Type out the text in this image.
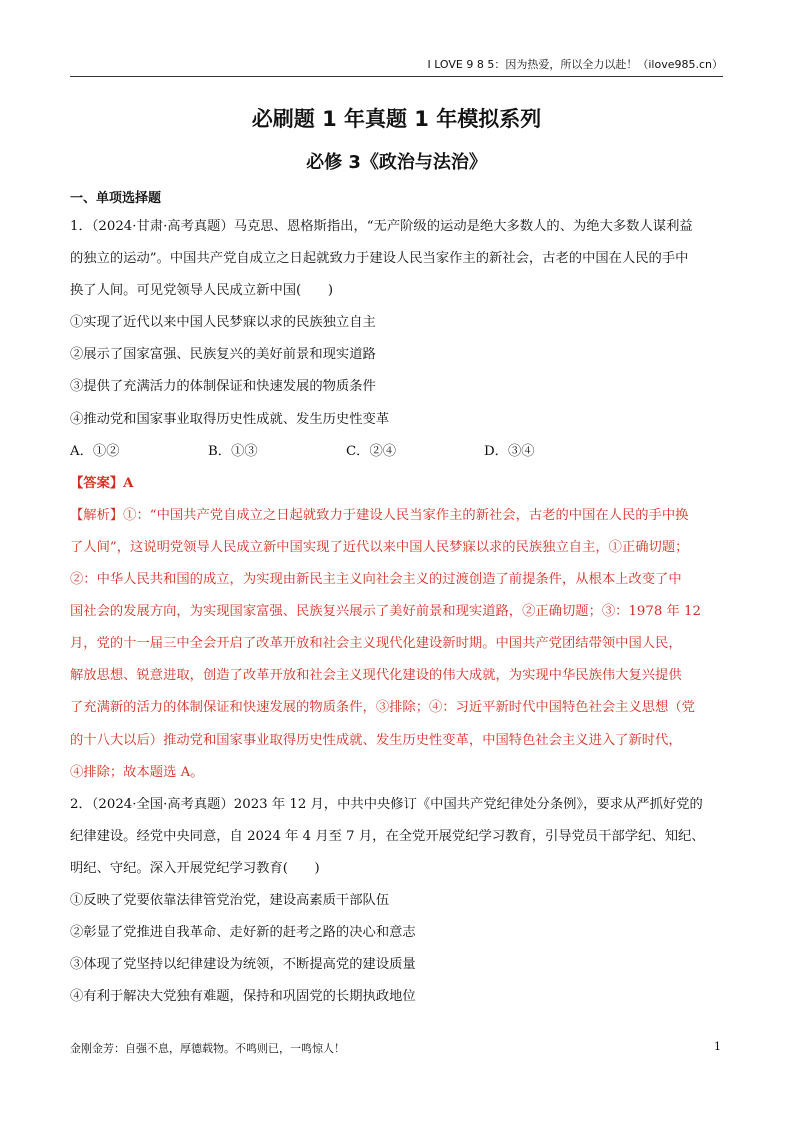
I LOVE 9 8 5：因为热爱，所以全力以赴！（ilove985.cn）
必刷题 1 年真题 1 年模拟系列
必修 3《政治与法治》
一、单项选择题
1．（2024·甘肃·高考真题）马克思、恩格斯指出，“无产阶级的运动是绝大多数人的、为绝大多数人谋利益
的独立的运动”。中国共产党自成立之日起就致力于建设人民当家作主的新社会，古老的中国在人民的手中
换了人间。可见党领导人民成立新中国(　　)
①实现了近代以来中国人民梦寐以求的民族独立自主
②展示了国家富强、民族复兴的美好前景和现实道路
③提供了充满活力的体制保证和快速发展的物质条件
④推动党和国家事业取得历史性成就、发生历史性变革
A．①②	B．①③	C．②④	D．③④
【答案】A
【解析】①：“中国共产党自成立之日起就致力于建设人民当家作主的新社会，古老的中国在人民的手中换
了人间”，这说明党领导人民成立新中国实现了近代以来中国人民梦寐以求的民族独立自主，①正确切题；
②：中华人民共和国的成立，为实现由新民主主义向社会主义的过渡创造了前提条件，从根本上改变了中
国社会的发展方向，为实现国家富强、民族复兴展示了美好前景和现实道路，②正确切题；③：1978 年 12
月，党的十一届三中全会开启了改革开放和社会主义现代化建设新时期。中国共产党团结带领中国人民，
解放思想、锐意进取，创造了改革开放和社会主义现代化建设的伟大成就，为实现中华民族伟大复兴提供
了充满新的活力的体制保证和快速发展的物质条件，③排除；④：习近平新时代中国特色社会主义思想（党
的十八大以后）推动党和国家事业取得历史性成就、发生历史性变革，中国特色社会主义进入了新时代，
④排除；故本题选 A。
2．（2024·全国·高考真题）2023 年 12 月，中共中央修订《中国共产党纪律处分条例》，要求从严抓好党的
纪律建设。经党中央同意，自 2024 年 4 月至 7 月，在全党开展党纪学习教育，引导党员干部学纪、知纪、
明纪、守纪。深入开展党纪学习教育(　　)
①反映了党要依靠法律管党治党，建设高素质干部队伍
②彰显了党推进自我革命、走好新的赶考之路的决心和意志
③体现了党坚持以纪律建设为统领，不断提高党的建设质量
④有利于解决大党独有难题，保持和巩固党的长期执政地位
金刚金芳：自强不息，厚德载物。不鸣则已，一鸣惊人！	1
